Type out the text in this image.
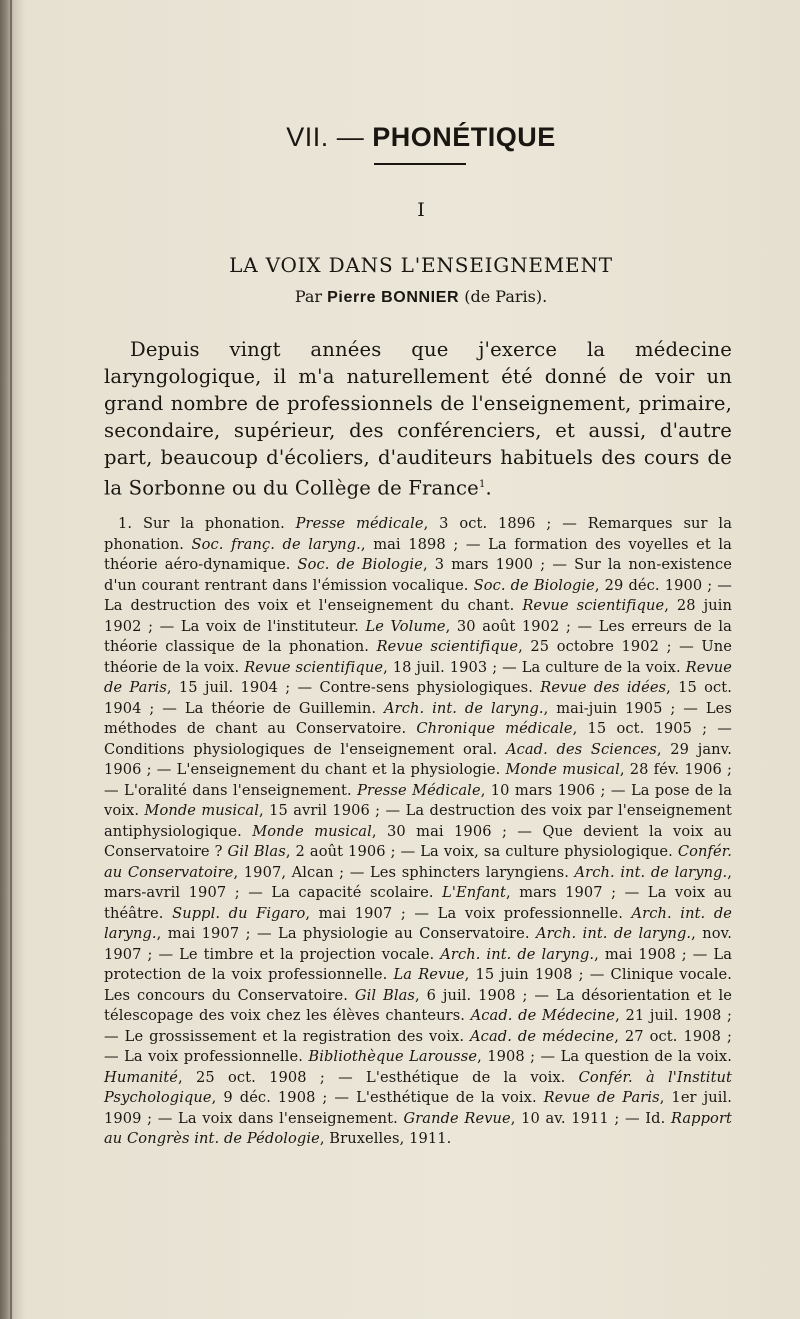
VII. — PHONÉTIQUE
I
LA VOIX DANS L'ENSEIGNEMENT
Par Pierre BONNIER (de Paris).

Depuis vingt années que j'exerce la médecine laryngologique, il m'a naturellement été donné de voir un grand nombre de professionnels de l'enseignement, primaire, secondaire, supérieur, des conférenciers, et aussi, d'autre part, beaucoup d'écoliers, d'auditeurs habituels des cours de la Sorbonne ou du Collège de France$^1$.

1. Sur la phonation. Presse médicale, 3 oct. 1896 ; — Remarques sur la phonation. Soc. franç. de laryng., mai 1898 ; — La formation des voyelles et la théorie aéro-dynamique. Soc. de Biologie, 3 mars 1900 ; — Sur la non-existence d'un courant rentrant dans l'émission vocalique. Soc. de Biologie, 29 déc. 1900 ; — La destruction des voix et l'enseignement du chant. Revue scientifique, 28 juin 1902 ; — La voix de l'instituteur. Le Volume, 30 août 1902 ; — Les erreurs de la théorie classique de la phonation. Revue scientifique, 25 octobre 1902 ; — Une théorie de la voix. Revue scientifique, 18 juil. 1903 ; — La culture de la voix. Revue de Paris, 15 juil. 1904 ; — Contre-sens physiologiques. Revue des idées, 15 oct. 1904 ; — La théorie de Guillemin. Arch. int. de laryng., mai-juin 1905 ; — Les méthodes de chant au Conservatoire. Chronique médicale, 15 oct. 1905 ; — Conditions physiologiques de l'enseignement oral. Acad. des Sciences, 29 janv. 1906 ; — L'enseignement du chant et la physiologie. Monde musical, 28 fév. 1906 ; — L'oralité dans l'enseignement. Presse Médicale, 10 mars 1906 ; — La pose de la voix. Monde musical, 15 avril 1906 ; — La destruction des voix par l'enseignement antiphysiologique. Monde musical, 30 mai 1906 ; — Que devient la voix au Conservatoire ? Gil Blas, 2 août 1906 ; — La voix, sa culture physiologique. Confér. au Conservatoire, 1907, Alcan ; — Les sphincters laryngiens. Arch. int. de laryng., mars-avril 1907 ; — La capacité scolaire. L'Enfant, mars 1907 ; — La voix au théâtre. Suppl. du Figaro, mai 1907 ; — La voix professionnelle. Arch. int. de laryng., mai 1907 ; — La physiologie au Conservatoire. Arch. int. de laryng., nov. 1907 ; — Le timbre et la projection vocale. Arch. int. de laryng., mai 1908 ; — La protection de la voix professionnelle. La Revue, 15 juin 1908 ; — Clinique vocale. Les concours du Conservatoire. Gil Blas, 6 juil. 1908 ; — La désorientation et le télescopage des voix chez les élèves chanteurs. Acad. de Médecine, 21 juil. 1908 ; — Le grossissement et la registration des voix. Acad. de médecine, 27 oct. 1908 ; — La voix professionnelle. Bibliothèque Larousse, 1908 ; — La question de la voix. Humanité, 25 oct. 1908 ; — L'esthétique de la voix. Confér. à l'Institut Psychologique, 9 déc. 1908 ; — L'esthétique de la voix. Revue de Paris, 1er juil. 1909 ; — La voix dans l'enseignement. Grande Revue, 10 av. 1911 ; — Id. Rapport au Congrès int. de Pédologie, Bruxelles, 1911.
